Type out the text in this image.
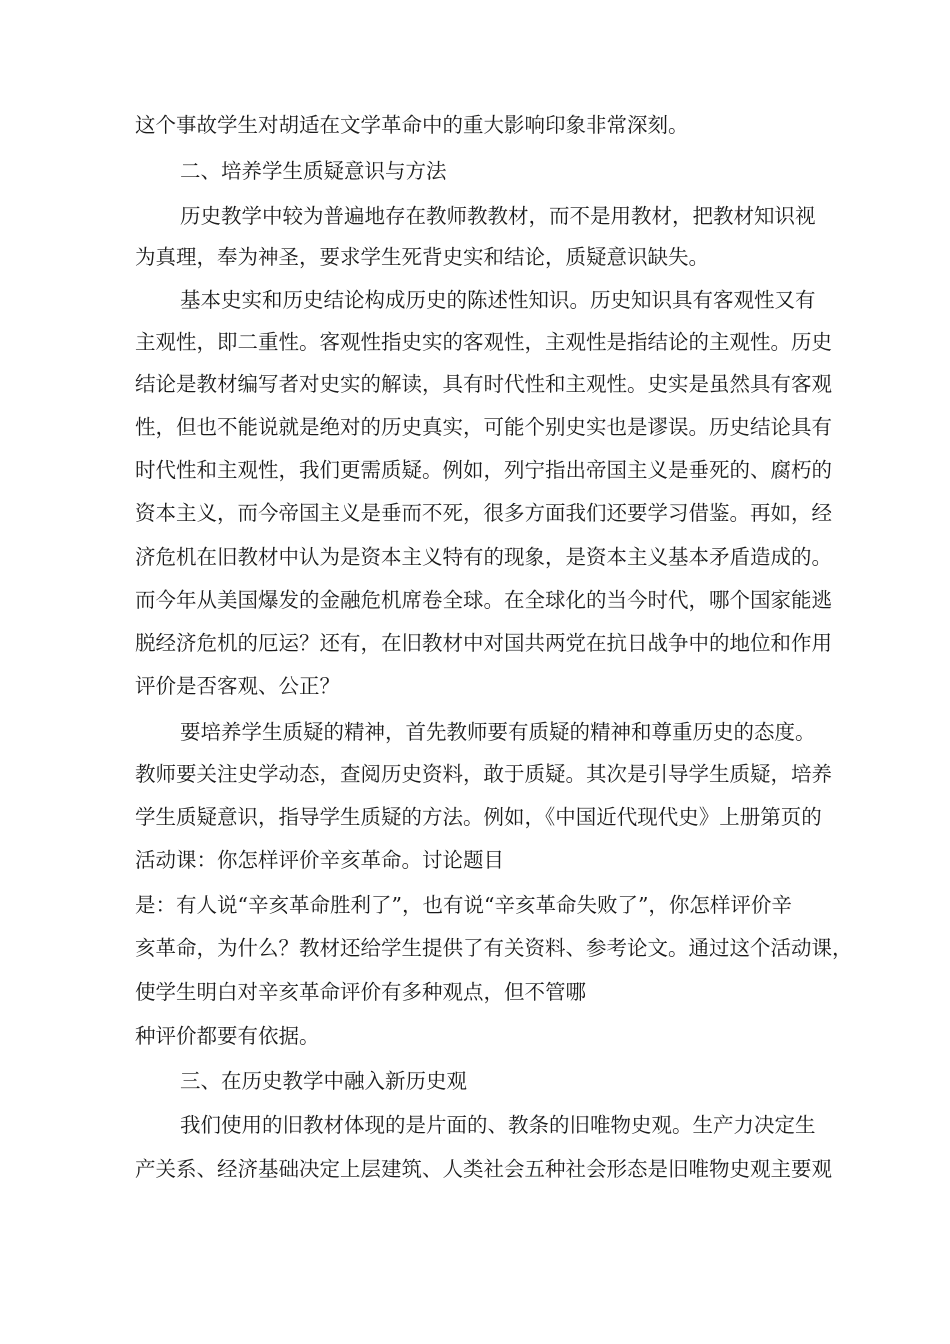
这个事故学生对胡适在文学革命中的重大影响印象非常深刻。
二、培养学生质疑意识与方法
历史教学中较为普遍地存在教师教教材，而不是用教材，把教材知识视
为真理，奉为神圣，要求学生死背史实和结论，质疑意识缺失。
基本史实和历史结论构成历史的陈述性知识。历史知识具有客观性又有
主观性，即二重性。客观性指史实的客观性，主观性是指结论的主观性。历史
结论是教材编写者对史实的解读，具有时代性和主观性。史实是虽然具有客观
性，但也不能说就是绝对的历史真实，可能个别史实也是谬误。历史结论具有
时代性和主观性，我们更需质疑。例如，列宁指出帝国主义是垂死的、腐朽的
资本主义，而今帝国主义是垂而不死，很多方面我们还要学习借鉴。再如，经
济危机在旧教材中认为是资本主义特有的现象，是资本主义基本矛盾造成的。
而今年从美国爆发的金融危机席卷全球。在全球化的当今时代，哪个国家能逃
脱经济危机的厄运？还有，在旧教材中对国共两党在抗日战争中的地位和作用
评价是否客观、公正？
要培养学生质疑的精神，首先教师要有质疑的精神和尊重历史的态度。
教师要关注史学动态，查阅历史资料，敢于质疑。其次是引导学生质疑，培养
学生质疑意识，指导学生质疑的方法。例如，《中国近代现代史》上册第页的
活动课：你怎样评价辛亥革命。讨论题目
是：有人说“辛亥革命胜利了”，也有说“辛亥革命失败了”，你怎样评价辛
亥革命，为什么？教材还给学生提供了有关资料、参考论文。通过这个活动课，
使学生明白对辛亥革命评价有多种观点，但不管哪
种评价都要有依据。
三、在历史教学中融入新历史观
我们使用的旧教材体现的是片面的、教条的旧唯物史观。生产力决定生
产关系、经济基础决定上层建筑、人类社会五种社会形态是旧唯物史观主要观
